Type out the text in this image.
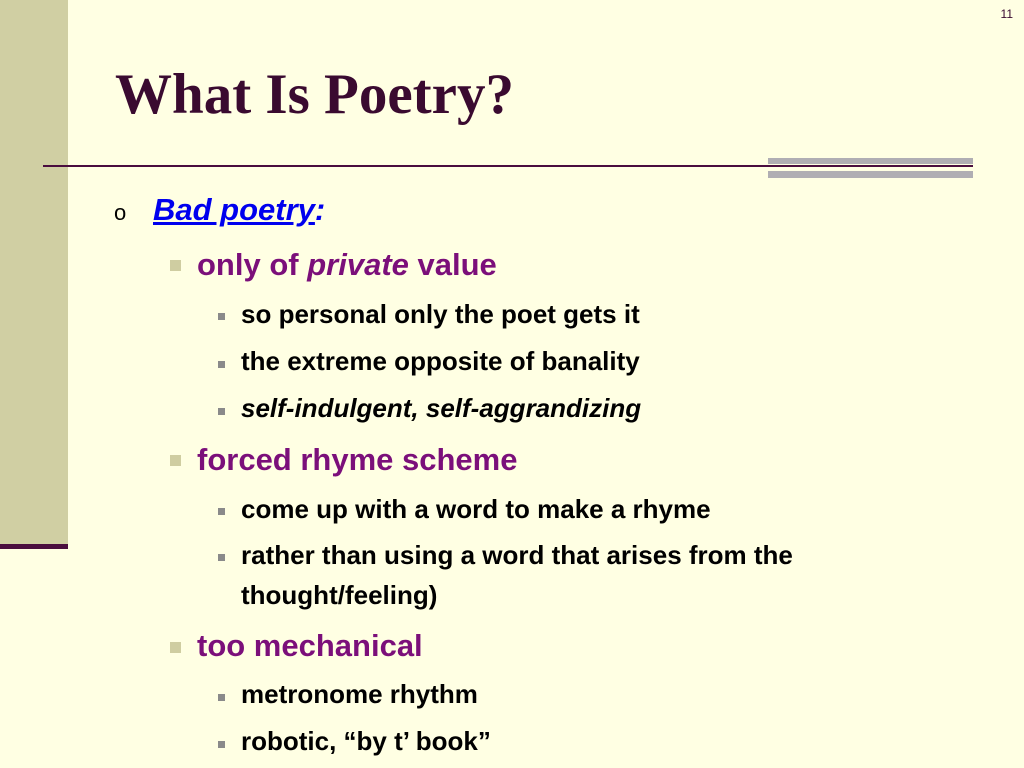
11
What Is Poetry?
o Bad poetry:
only of private value
so personal only the poet gets it
the extreme opposite of banality
self-indulgent, self-aggrandizing
forced rhyme scheme
come up with a word to make a rhyme
rather than using a word that arises from the
thought/feeling)
too mechanical
metronome rhythm
robotic, “by t’ book”
